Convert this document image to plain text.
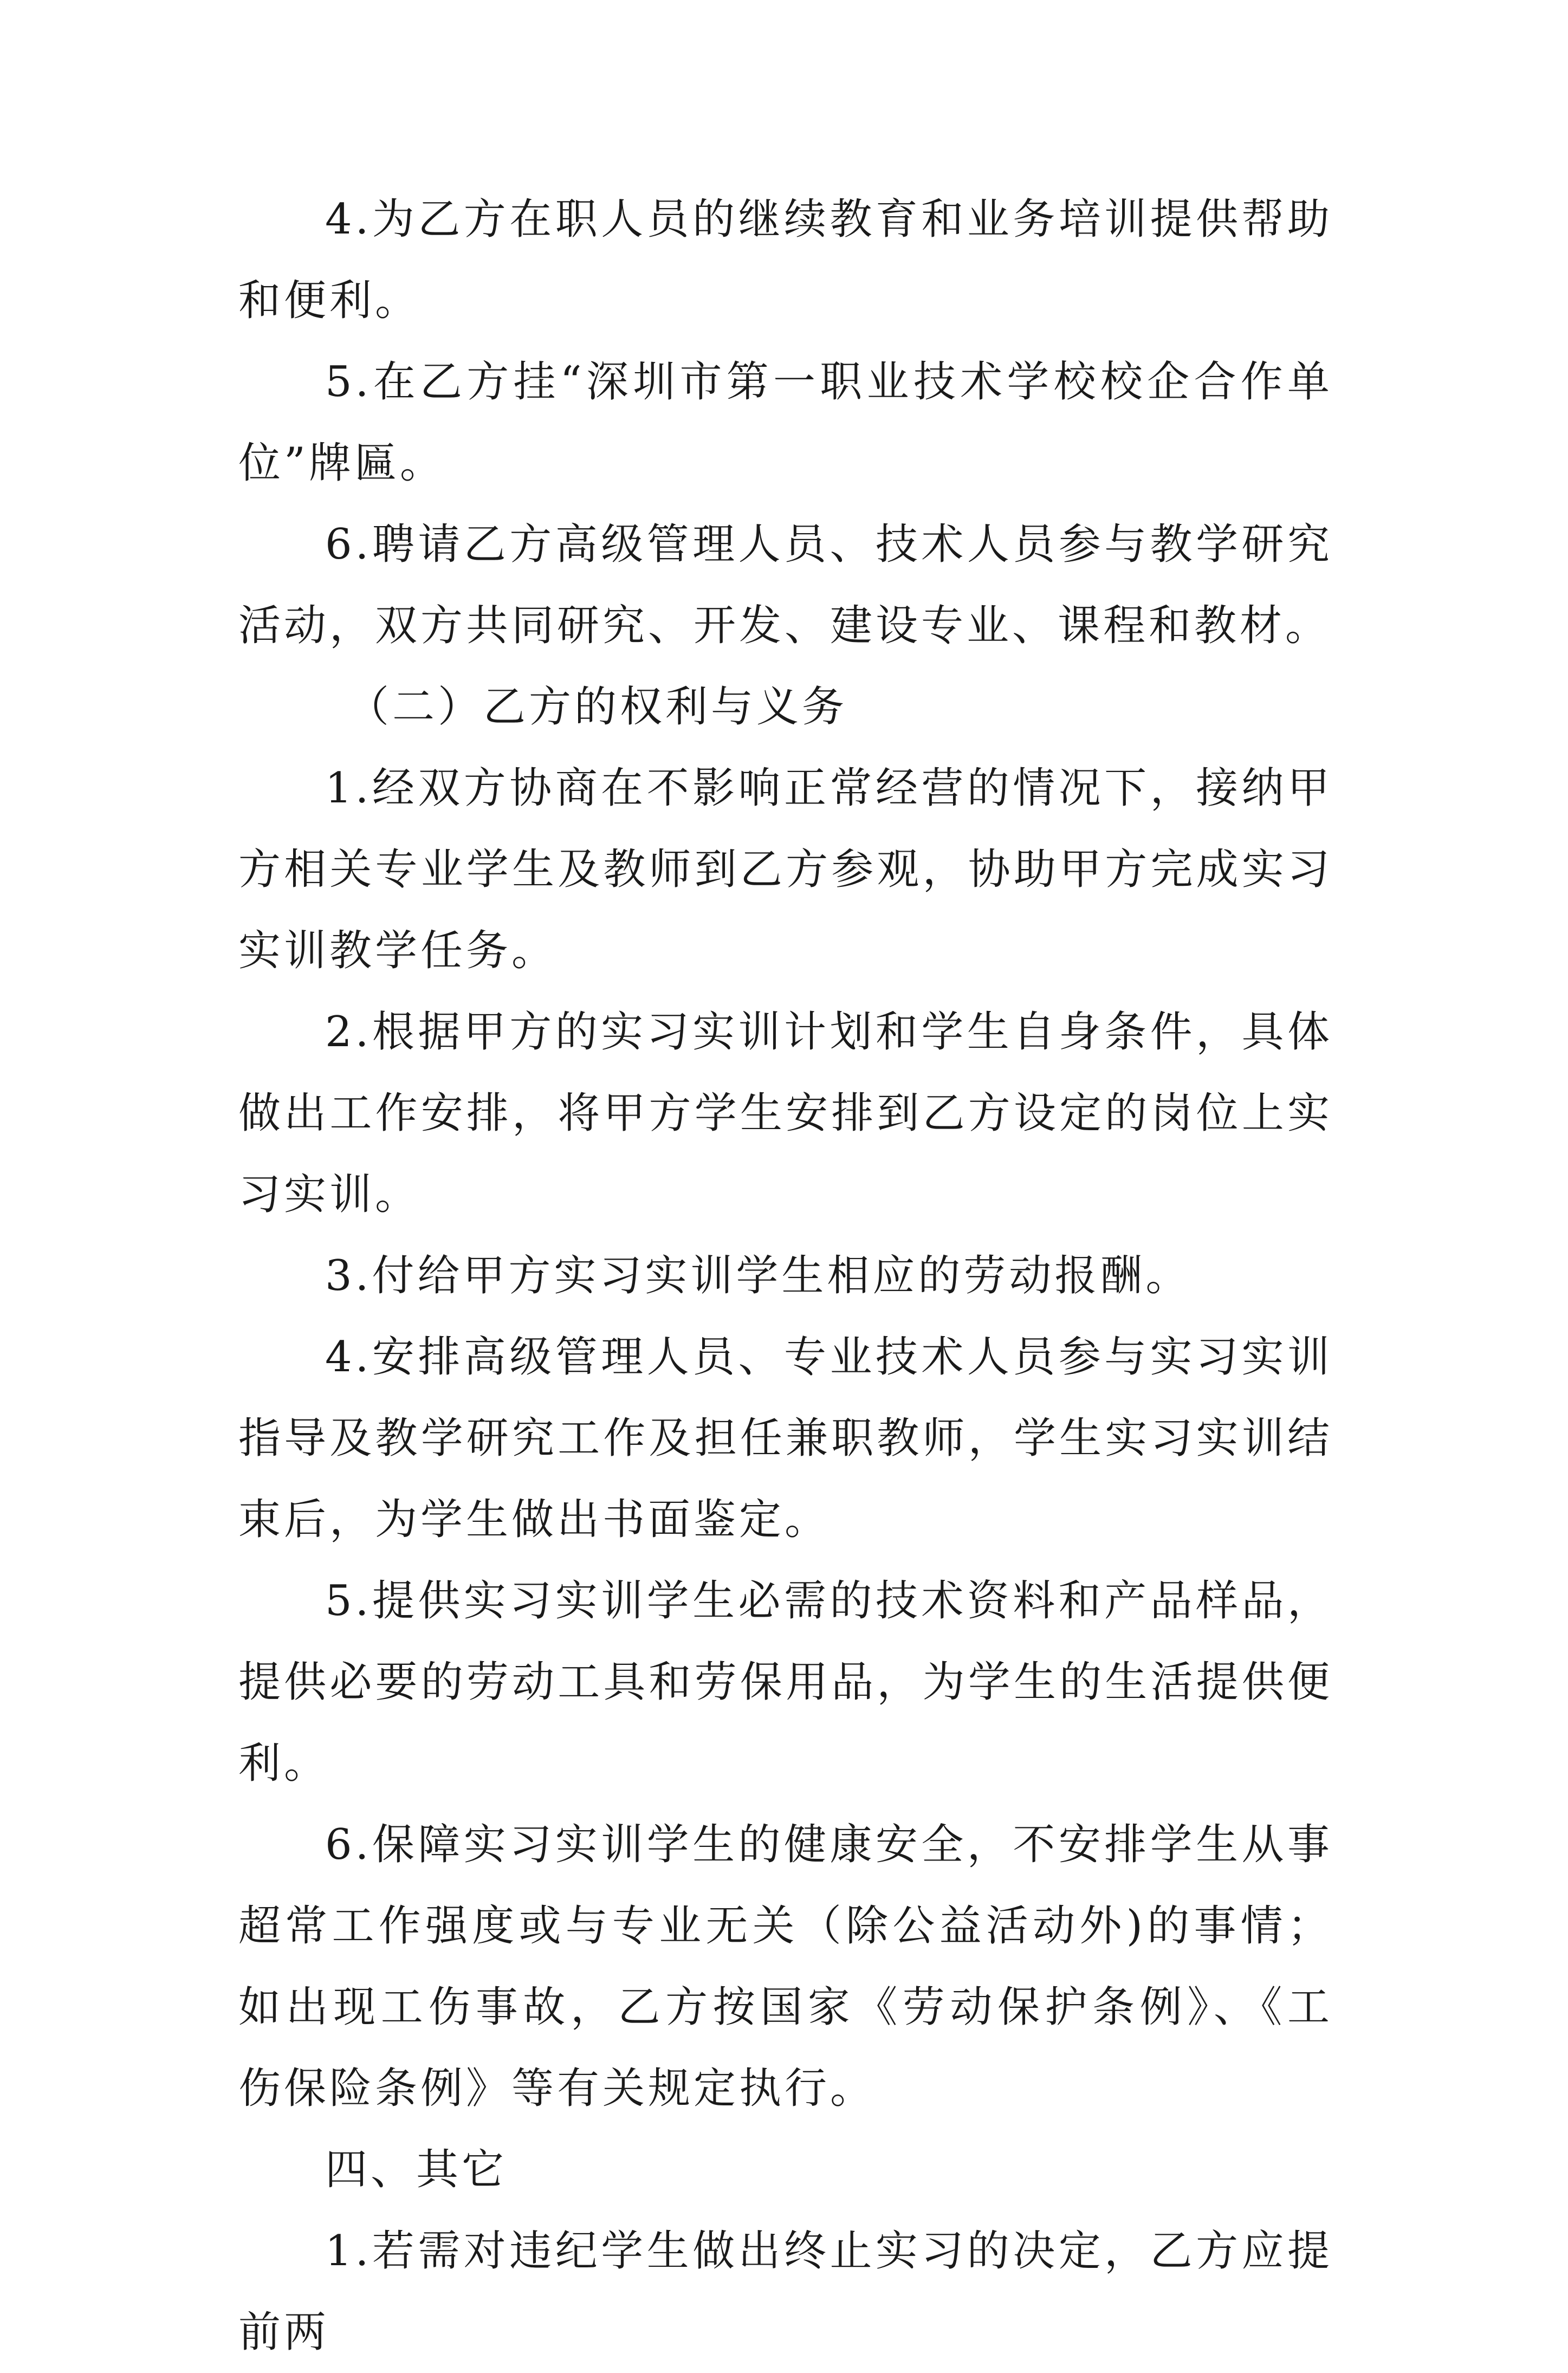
4.为乙方在职人员的继续教育和业务培训提供帮助和便利。

5.在乙方挂“深圳市第一职业技术学校校企合作单位”牌匾。

6.聘请乙方高级管理人员、技术人员参与教学研究活动，双方共同研究、开发、建设专业、课程和教材。

（二）乙方的权利与义务

1.经双方协商在不影响正常经营的情况下，接纳甲方相关专业学生及教师到乙方参观，协助甲方完成实习实训教学任务。

2.根据甲方的实习实训计划和学生自身条件，具体做出工作安排，将甲方学生安排到乙方设定的岗位上实习实训。

3.付给甲方实习实训学生相应的劳动报酬。

4.安排高级管理人员、专业技术人员参与实习实训指导及教学研究工作及担任兼职教师，学生实习实训结束后，为学生做出书面鉴定。

5.提供实习实训学生必需的技术资料和产品样品，提供必要的劳动工具和劳保用品，为学生的生活提供便利。

6.保障实习实训学生的健康安全，不安排学生从事超常工作强度或与专业无关（除公益活动外)的事情；如出现工伤事故，乙方按国家《劳动保护条例》、《工伤保险条例》等有关规定执行。

四、其它

1.若需对违纪学生做出终止实习的决定，乙方应提前两
